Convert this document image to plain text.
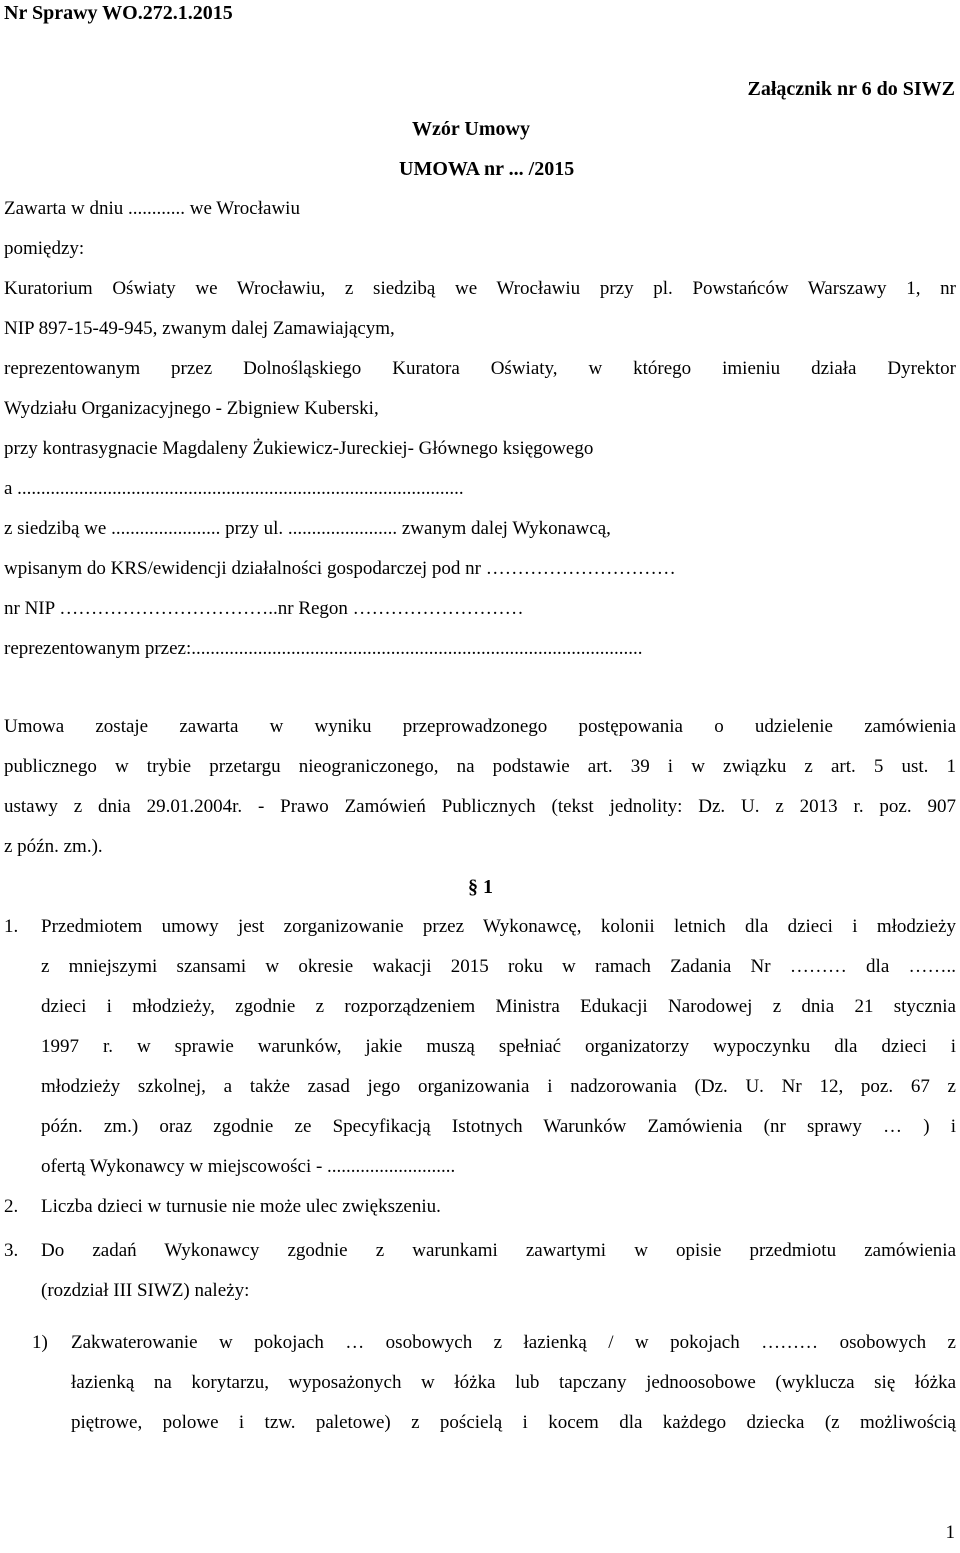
Nr Sprawy WO.272.1.2015
Załącznik nr 6 do SIWZ
Wzór Umowy
UMOWA nr ... /2015
Zawarta w dniu ............ we Wrocławiu
pomiędzy:
Kuratorium Oświaty we Wrocławiu, z siedzibą we Wrocławiu przy pl. Powstańców Warszawy 1, nr
NIP 897-15-49-945, zwanym dalej Zamawiającym,
reprezentowanym przez Dolnośląskiego Kuratora Oświaty, w którego imieniu działa Dyrektor
Wydziału Organizacyjnego - Zbigniew Kuberski,
przy kontrasygnacie Magdaleny Żukiewicz-Jureckiej- Głównego księgowego
a ..............................................................................................
z siedzibą we ....................... przy ul. ....................... zwanym dalej Wykonawcą,
wpisanym do KRS/ewidencji działalności gospodarczej pod nr …………………………
nr NIP ……………………………..nr Regon ………………………
reprezentowanym przez:...............................................................................................
Umowa zostaje zawarta w wyniku przeprowadzonego postępowania o udzielenie zamówienia
publicznego w trybie przetargu nieograniczonego, na podstawie art. 39 i w związku z art. 5 ust. 1
ustawy z dnia 29.01.2004r. - Prawo Zamówień Publicznych (tekst jednolity: Dz. U. z 2013 r. poz. 907
z późn. zm.).
§ 1
1. Przedmiotem umowy jest zorganizowanie przez Wykonawcę, kolonii letnich dla dzieci i młodzieży
z mniejszymi szansami w okresie wakacji 2015 roku w ramach Zadania Nr ……… dla ……..
dzieci i młodzieży, zgodnie z rozporządzeniem Ministra Edukacji Narodowej z dnia 21 stycznia
1997 r. w sprawie warunków, jakie muszą spełniać organizatorzy wypoczynku dla dzieci i
młodzieży szkolnej, a także zasad jego organizowania i nadzorowania (Dz. U. Nr 12, poz. 67 z
późn. zm.) oraz zgodnie ze Specyfikacją Istotnych Warunków Zamówienia (nr sprawy … ) i
ofertą Wykonawcy w miejscowości - ...........................
2. Liczba dzieci w turnusie nie może ulec zwiększeniu.
3. Do zadań Wykonawcy zgodnie z warunkami zawartymi w opisie przedmiotu zamówienia
(rozdział III SIWZ) należy:
1) Zakwaterowanie w pokojach … osobowych z łazienką / w pokojach ……… osobowych z
łazienką na korytarzu, wyposażonych w łóżka lub tapczany jednoosobowe (wyklucza się łóżka
piętrowe, polowe i tzw. paletowe) z pościelą i kocem dla każdego dziecka (z możliwością
1
